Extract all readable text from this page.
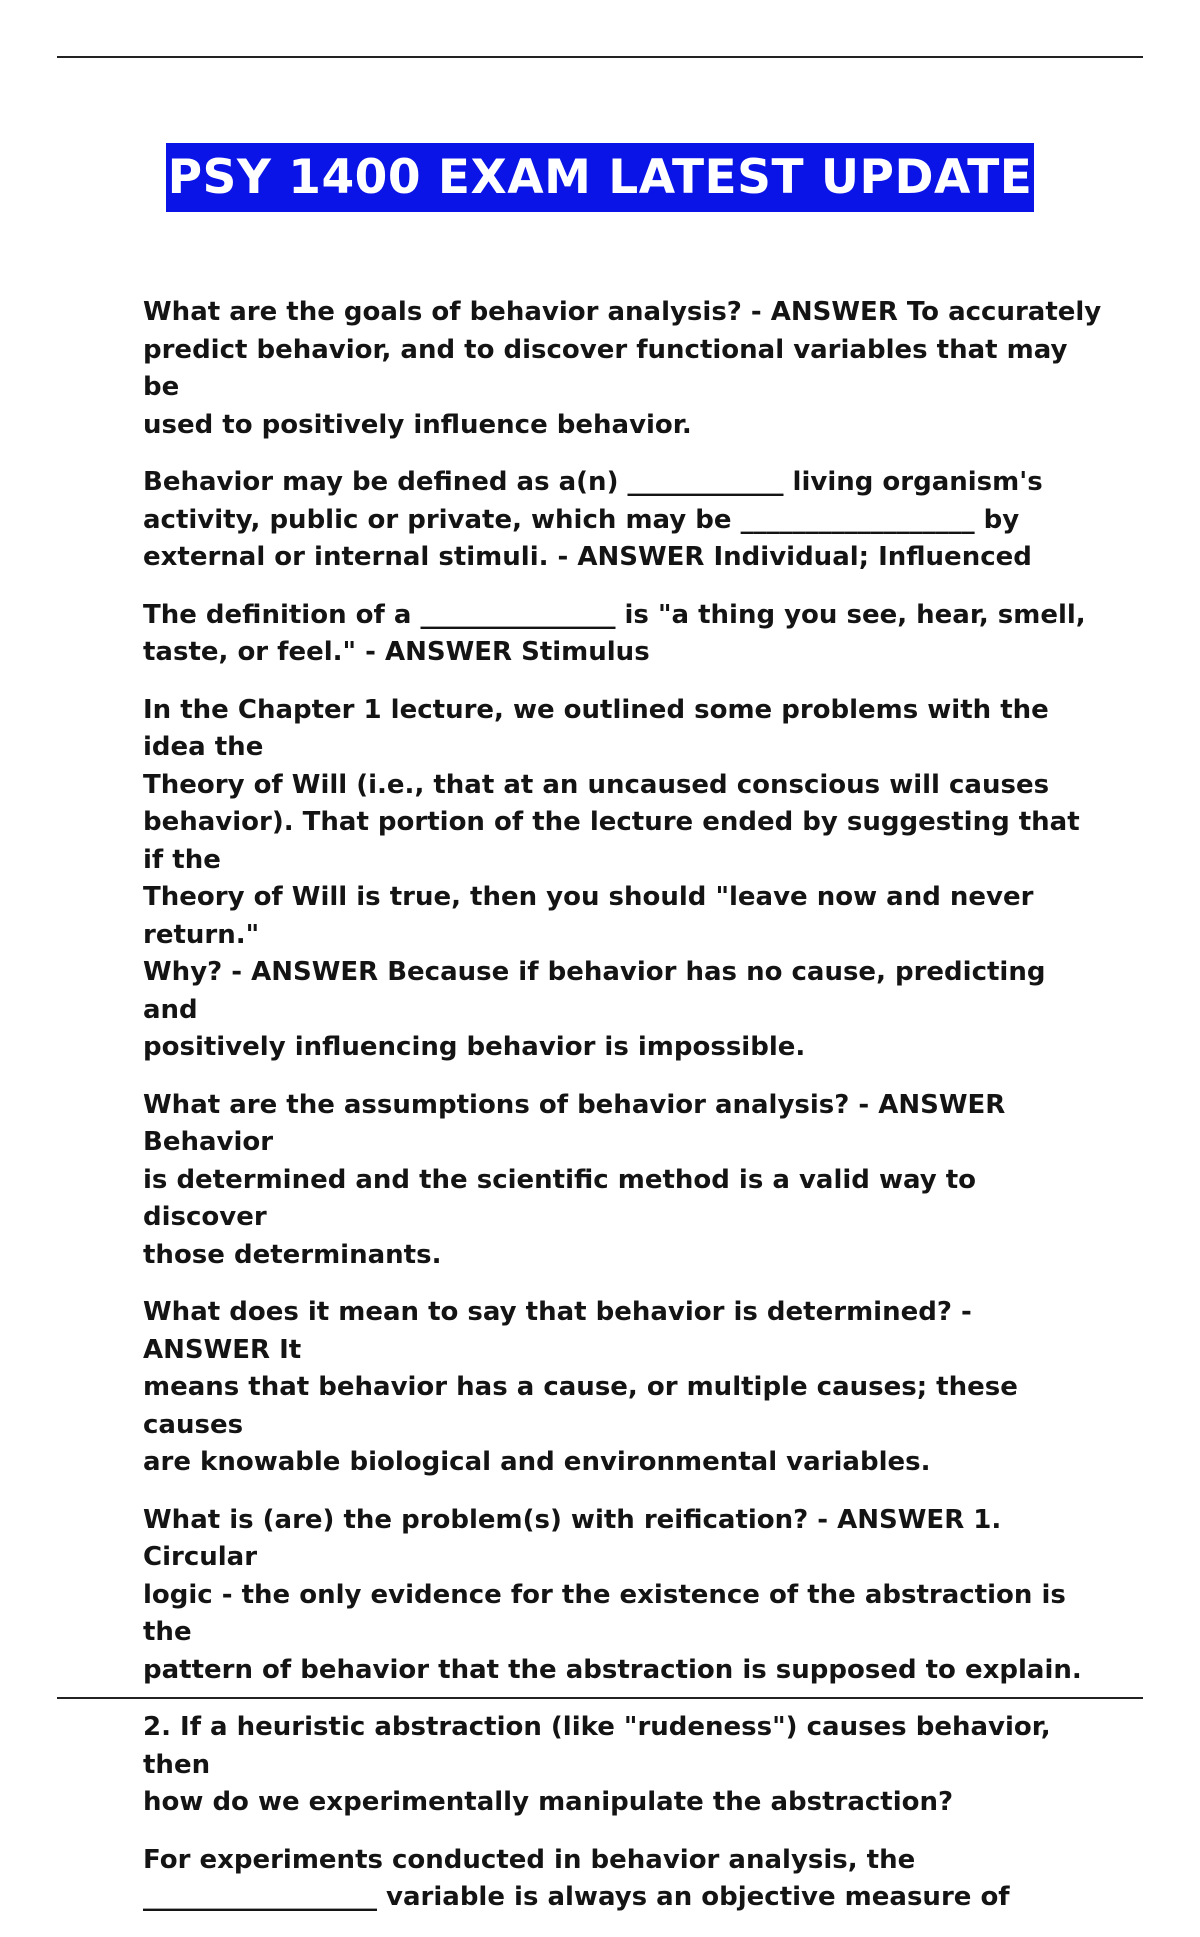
PSY 1400 EXAM LATEST UPDATE

What are the goals of behavior analysis? - ANSWER To accurately
predict behavior, and to discover functional variables that may be
used to positively influence behavior.

Behavior may be defined as a(n) ____________ living organism's
activity, public or private, which may be __________________ by
external or internal stimuli. - ANSWER Individual; Influenced

The definition of a _______________ is "a thing you see, hear, smell,
taste, or feel." - ANSWER Stimulus

In the Chapter 1 lecture, we outlined some problems with the idea the
Theory of Will (i.e., that at an uncaused conscious will causes
behavior). That portion of the lecture ended by suggesting that if the
Theory of Will is true, then you should "leave now and never return."
Why? - ANSWER Because if behavior has no cause, predicting and
positively influencing behavior is impossible.

What are the assumptions of behavior analysis? - ANSWER Behavior
is determined and the scientific method is a valid way to discover
those determinants.

What does it mean to say that behavior is determined? - ANSWER It
means that behavior has a cause, or multiple causes; these causes
are knowable biological and environmental variables.

What is (are) the problem(s) with reification? - ANSWER 1. Circular
logic - the only evidence for the existence of the abstraction is the
pattern of behavior that the abstraction is supposed to explain.

2. If a heuristic abstraction (like "rudeness") causes behavior, then
how do we experimentally manipulate the abstraction?

For experiments conducted in behavior analysis, the
__________________ variable is always an objective measure of
